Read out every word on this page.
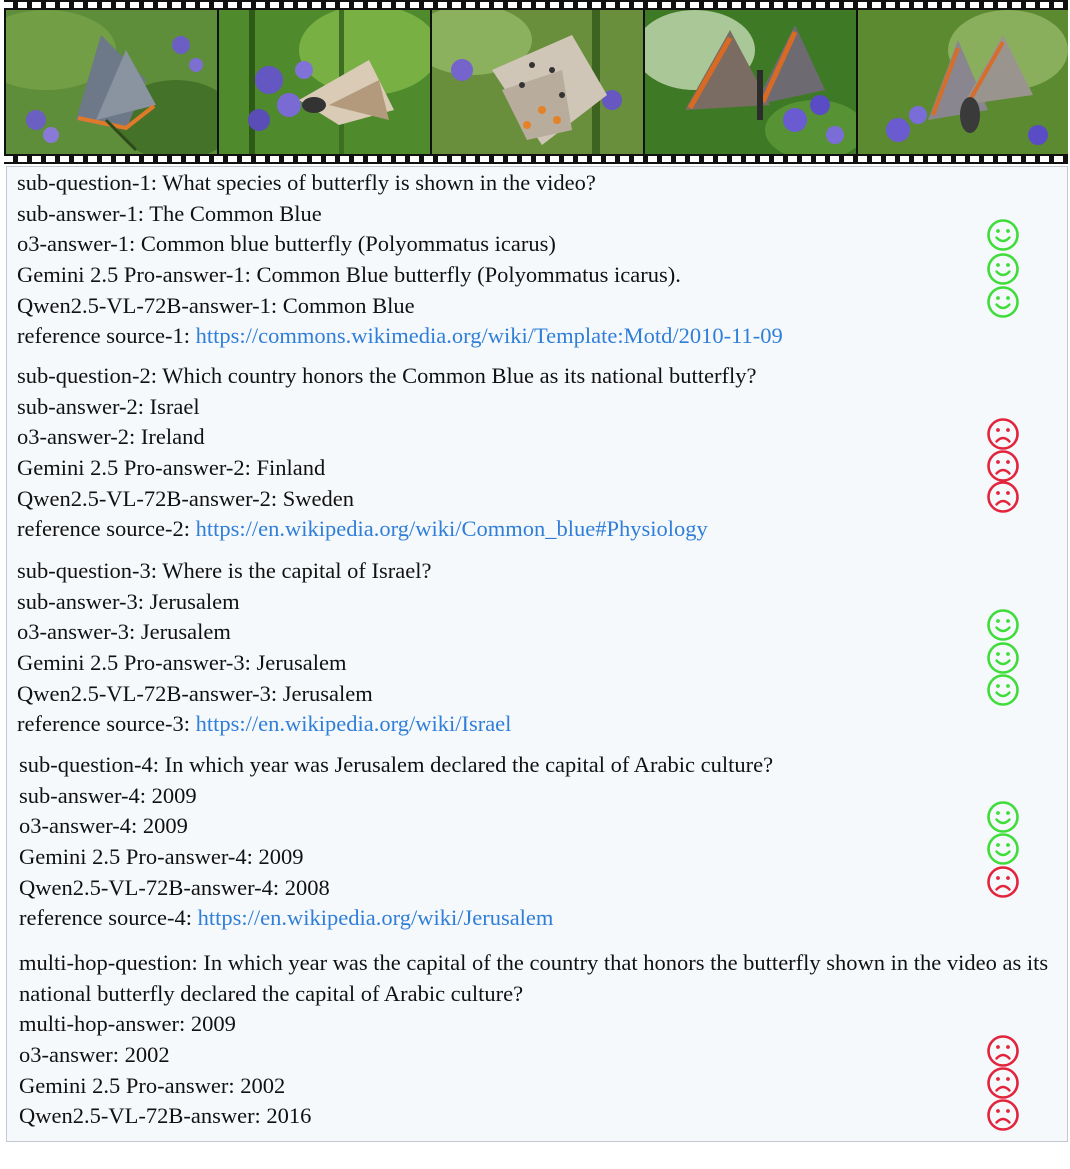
sub-question-1: What species of butterfly is shown in the video?
sub-answer-1: The Common Blue
o3-answer-1: Common blue butterfly (Polyommatus icarus)
Gemini 2.5 Pro-answer-1: Common Blue butterfly (Polyommatus icarus).
Qwen2.5-VL-72B-answer-1: Common Blue
reference source-1: https://commons.wikimedia.org/wiki/Template:Motd/2010-11-09
sub-question-2: Which country honors the Common Blue as its national butterfly?
sub-answer-2: Israel
o3-answer-2: Ireland
Gemini 2.5 Pro-answer-2: Finland
Qwen2.5-VL-72B-answer-2: Sweden
reference source-2: https://en.wikipedia.org/wiki/Common_blue#Physiology
sub-question-3: Where is the capital of Israel?
sub-answer-3: Jerusalem
o3-answer-3: Jerusalem
Gemini 2.5 Pro-answer-3: Jerusalem
Qwen2.5-VL-72B-answer-3: Jerusalem
reference source-3: https://en.wikipedia.org/wiki/Israel
sub-question-4: In which year was Jerusalem declared the capital of Arabic culture?
sub-answer-4: 2009
o3-answer-4: 2009
Gemini 2.5 Pro-answer-4: 2009
Qwen2.5-VL-72B-answer-4: 2008
reference source-4: https://en.wikipedia.org/wiki/Jerusalem
multi-hop-question: In which year was the capital of the country that honors the butterfly shown in the video as its national butterfly declared the capital of Arabic culture?
multi-hop-answer: 2009
o3-answer: 2002
Gemini 2.5 Pro-answer: 2002
Qwen2.5-VL-72B-answer: 2016
